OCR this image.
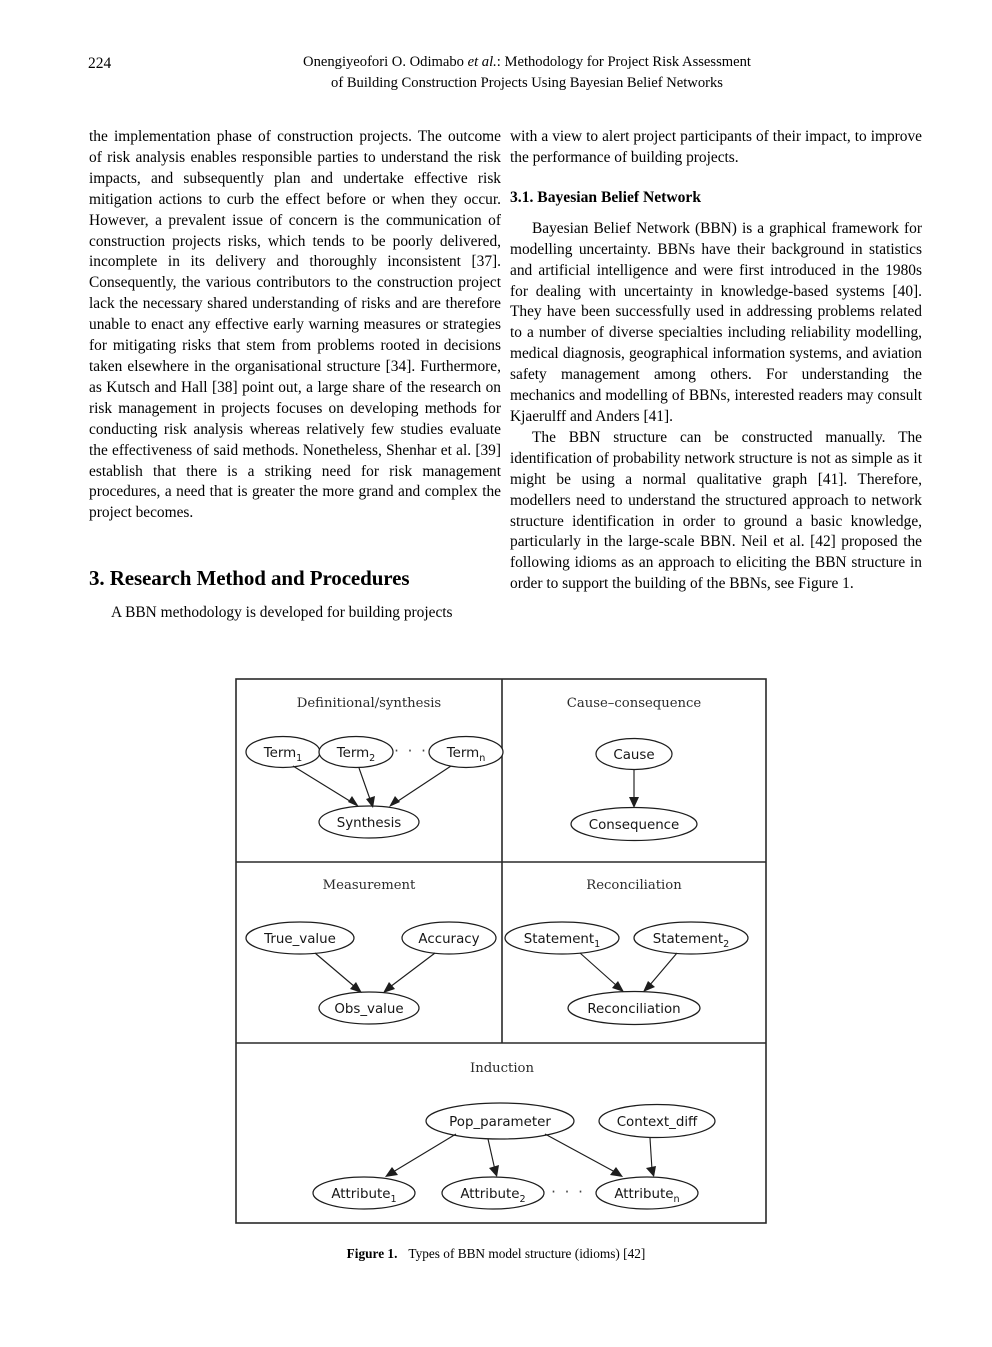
224	Onengiyeofori O. Odimabo et al.: Methodology for Project Risk Assessment
of Building Construction Projects Using Bayesian Belief Networks

the implementation phase of construction projects. The outcome of risk analysis enables responsible parties to understand the risk impacts, and subsequently plan and undertake effective risk mitigation actions to curb the effect before or when they occur. However, a prevalent issue of concern is the communication of construction projects risks, which tends to be poorly delivered, incomplete in its delivery and thoroughly inconsistent [37]. Consequently, the various contributors to the construction project lack the necessary shared understanding of risks and are therefore unable to enact any effective early warning measures or strategies for mitigating risks that stem from problems rooted in decisions taken elsewhere in the organisational structure [34]. Furthermore, as Kutsch and Hall [38] point out, a large share of the research on risk management in projects focuses on developing methods for conducting risk analysis whereas relatively few studies evaluate the effectiveness of said methods. Nonetheless, Shenhar et al. [39] establish that there is a striking need for risk management procedures, a need that is greater the more grand and complex the project becomes.

3. Research Method and Procedures

A BBN methodology is developed for building projects

with a view to alert project participants of their impact, to improve the performance of building projects.

3.1. Bayesian Belief Network

Bayesian Belief Network (BBN) is a graphical framework for modelling uncertainty. BBNs have their background in statistics and artificial intelligence and were first introduced in the 1980s for dealing with uncertainty in knowledge-based systems [40]. They have been successfully used in addressing problems related to a number of diverse specialties including reliability modelling, medical diagnosis, geographical information systems, and aviation safety management among others. For understanding the mechanics and modelling of BBNs, interested readers may consult Kjaerulff and Anders [41].

The BBN structure can be constructed manually. The identification of probability network structure is not as simple as it might be using a normal qualitative graph [41]. Therefore, modellers need to understand the structured approach to network structure identification in order to ground a basic knowledge, particularly in the large-scale BBN. Neil et al. [42] proposed the following idioms as an approach to eliciting the BBN structure in order to support the building of the BBNs, see Figure 1.

Definitional/synthesis
Term$_1$	Term$_2$ · · · Term$_n$
Synthesis
Cause–consequence
Cause
Consequence
Measurement
True_value	Accuracy
Obs_value
Reconciliation
Statement$_1$	Statement$_2$
Reconciliation
Induction
Pop_parameter	Context_diff
Attribute$_1$	Attribute$_2$ · · · Attribute$_n$
Figure 1. Types of BBN model structure (idioms) [42]
